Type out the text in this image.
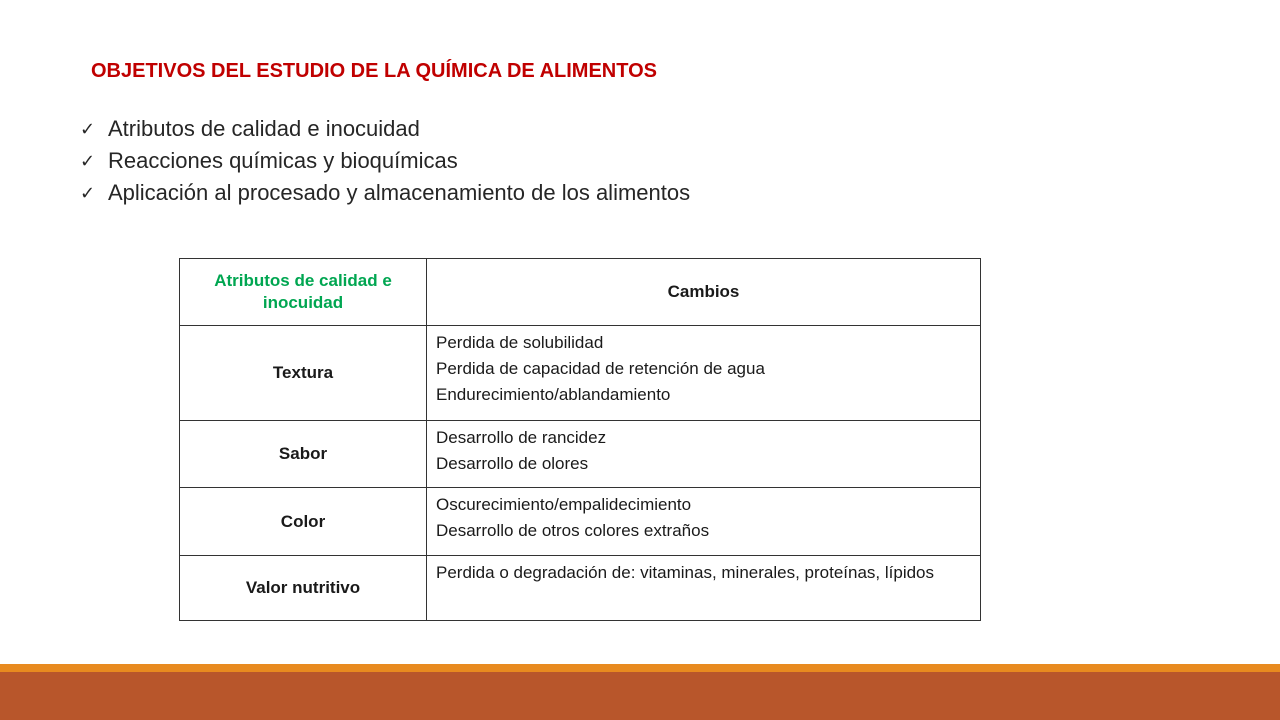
OBJETIVOS DEL ESTUDIO DE LA QUÍMICA DE ALIMENTOS
✓ Atributos de calidad e inocuidad
✓ Reacciones químicas y bioquímicas
✓ Aplicación al procesado y almacenamiento de los alimentos
Atributos de calidad e inocuidad	Cambios
Textura	Perdida de solubilidad
Perdida de capacidad de retención de agua
Endurecimiento/ablandamiento

Sabor	Desarrollo de rancidez
Desarrollo de olores

Color	Oscurecimiento/empalidecimiento
Desarrollo de otros colores extraños

Valor nutritivo	Perdida o degradación de: vitaminas, minerales, proteínas, lípidos
